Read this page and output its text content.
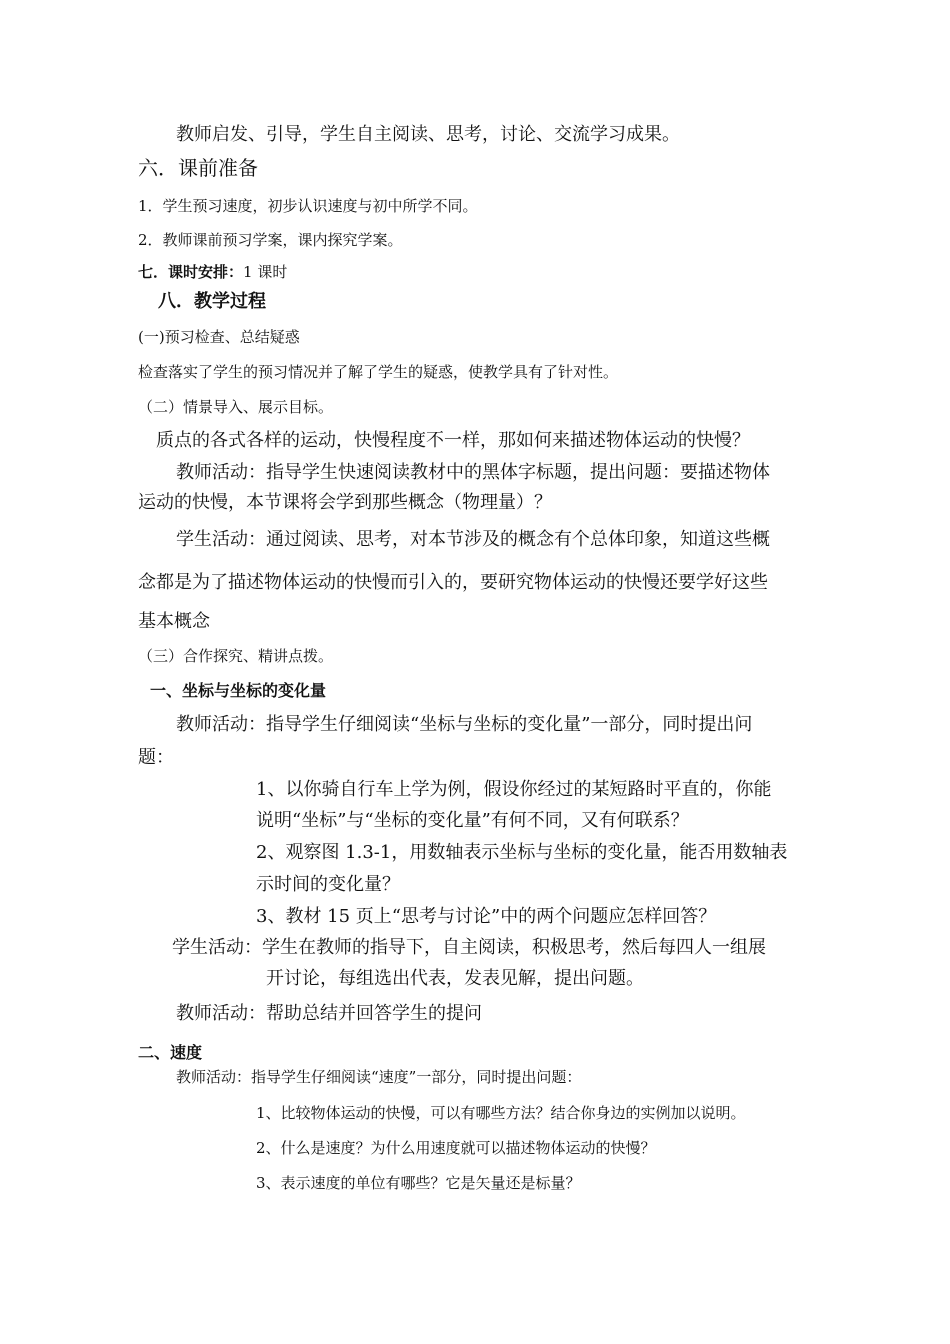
教师启发、引导，学生自主阅读、思考，讨论、交流学习成果。
六．课前准备
1．学生预习速度，初步认识速度与初中所学不同。
2．教师课前预习学案，课内探究学案。
七．课时安排：1 课时
八．教学过程
(一)预习检查、总结疑惑
检查落实了学生的预习情况并了解了学生的疑惑，使教学具有了针对性。
（二）情景导入、展示目标。
质点的各式各样的运动，快慢程度不一样，那如何来描述物体运动的快慢？
教师活动：指导学生快速阅读教材中的黑体字标题，提出问题：要描述物体
运动的快慢，本节课将会学到那些概念（物理量）？
学生活动：通过阅读、思考，对本节涉及的概念有个总体印象，知道这些概
念都是为了描述物体运动的快慢而引入的，要研究物体运动的快慢还要学好这些
基本概念
（三）合作探究、精讲点拨。
一、坐标与坐标的变化量
教师活动：指导学生仔细阅读“坐标与坐标的变化量”一部分，同时提出问
题：
1、以你骑自行车上学为例，假设你经过的某短路时平直的，你能
说明“坐标”与“坐标的变化量”有何不同，又有何联系？
2、观察图 1.3-1，用数轴表示坐标与坐标的变化量，能否用数轴表
示时间的变化量？
3、教材 15 页上“思考与讨论”中的两个问题应怎样回答？
学生活动：学生在教师的指导下，自主阅读，积极思考，然后每四人一组展
开讨论，每组选出代表，发表见解，提出问题。
教师活动：帮助总结并回答学生的提问
二、速度
教师活动：指导学生仔细阅读“速度”一部分，同时提出问题：
1、比较物体运动的快慢，可以有哪些方法？结合你身边的实例加以说明。
2、什么是速度？为什么用速度就可以描述物体运动的快慢？
3、表示速度的单位有哪些？它是矢量还是标量？
